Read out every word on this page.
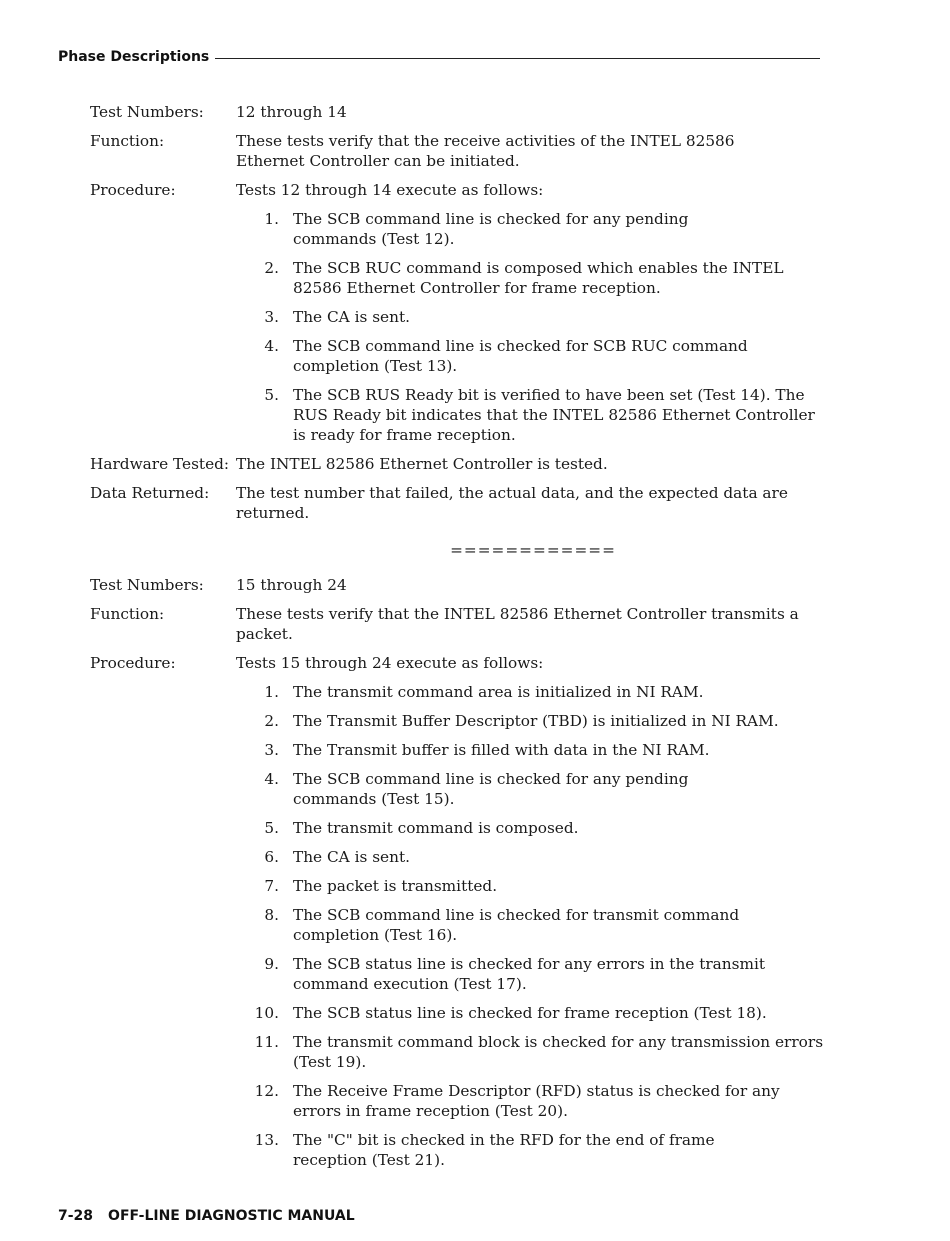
Phase Descriptions
Test Numbers:	12 through 14
Function:	These tests verify that the receive activities of the INTEL 82586 Ethernet Controller can be initiated.
Procedure:	Tests 12 through 14 execute as follows:
1. The SCB command line is checked for any pending commands (Test 12).
2. The SCB RUC command is composed which enables the INTEL 82586 Ethernet Controller for frame reception.
3. The CA is sent.
4. The SCB command line is checked for SCB RUC command completion (Test 13).
5. The SCB RUS Ready bit is verified to have been set (Test 14). The RUS Ready bit indicates that the INTEL 82586 Ethernet Controller is ready for frame reception.
Hardware Tested: The INTEL 82586 Ethernet Controller is tested.
Data Returned:	The test number that failed, the actual data, and the expected data are returned.
============
Test Numbers:	15 through 24
Function:	These tests verify that the INTEL 82586 Ethernet Controller transmits a packet.
Procedure:	Tests 15 through 24 execute as follows:
1. The transmit command area is initialized in NI RAM.
2. The Transmit Buffer Descriptor (TBD) is initialized in NI RAM.
3. The Transmit buffer is filled with data in the NI RAM.
4. The SCB command line is checked for any pending commands (Test 15).
5. The transmit command is composed.
6. The CA is sent.
7. The packet is transmitted.
8. The SCB command line is checked for transmit command completion (Test 16).
9. The SCB status line is checked for any errors in the transmit command execution (Test 17).
10. The SCB status line is checked for frame reception (Test 18).
11. The transmit command block is checked for any transmission errors (Test 19).
12. The Receive Frame Descriptor (RFD) status is checked for any errors in frame reception (Test 20).
13. The "C" bit is checked in the RFD for the end of frame reception (Test 21).
7-28 OFF-LINE DIAGNOSTIC MANUAL
